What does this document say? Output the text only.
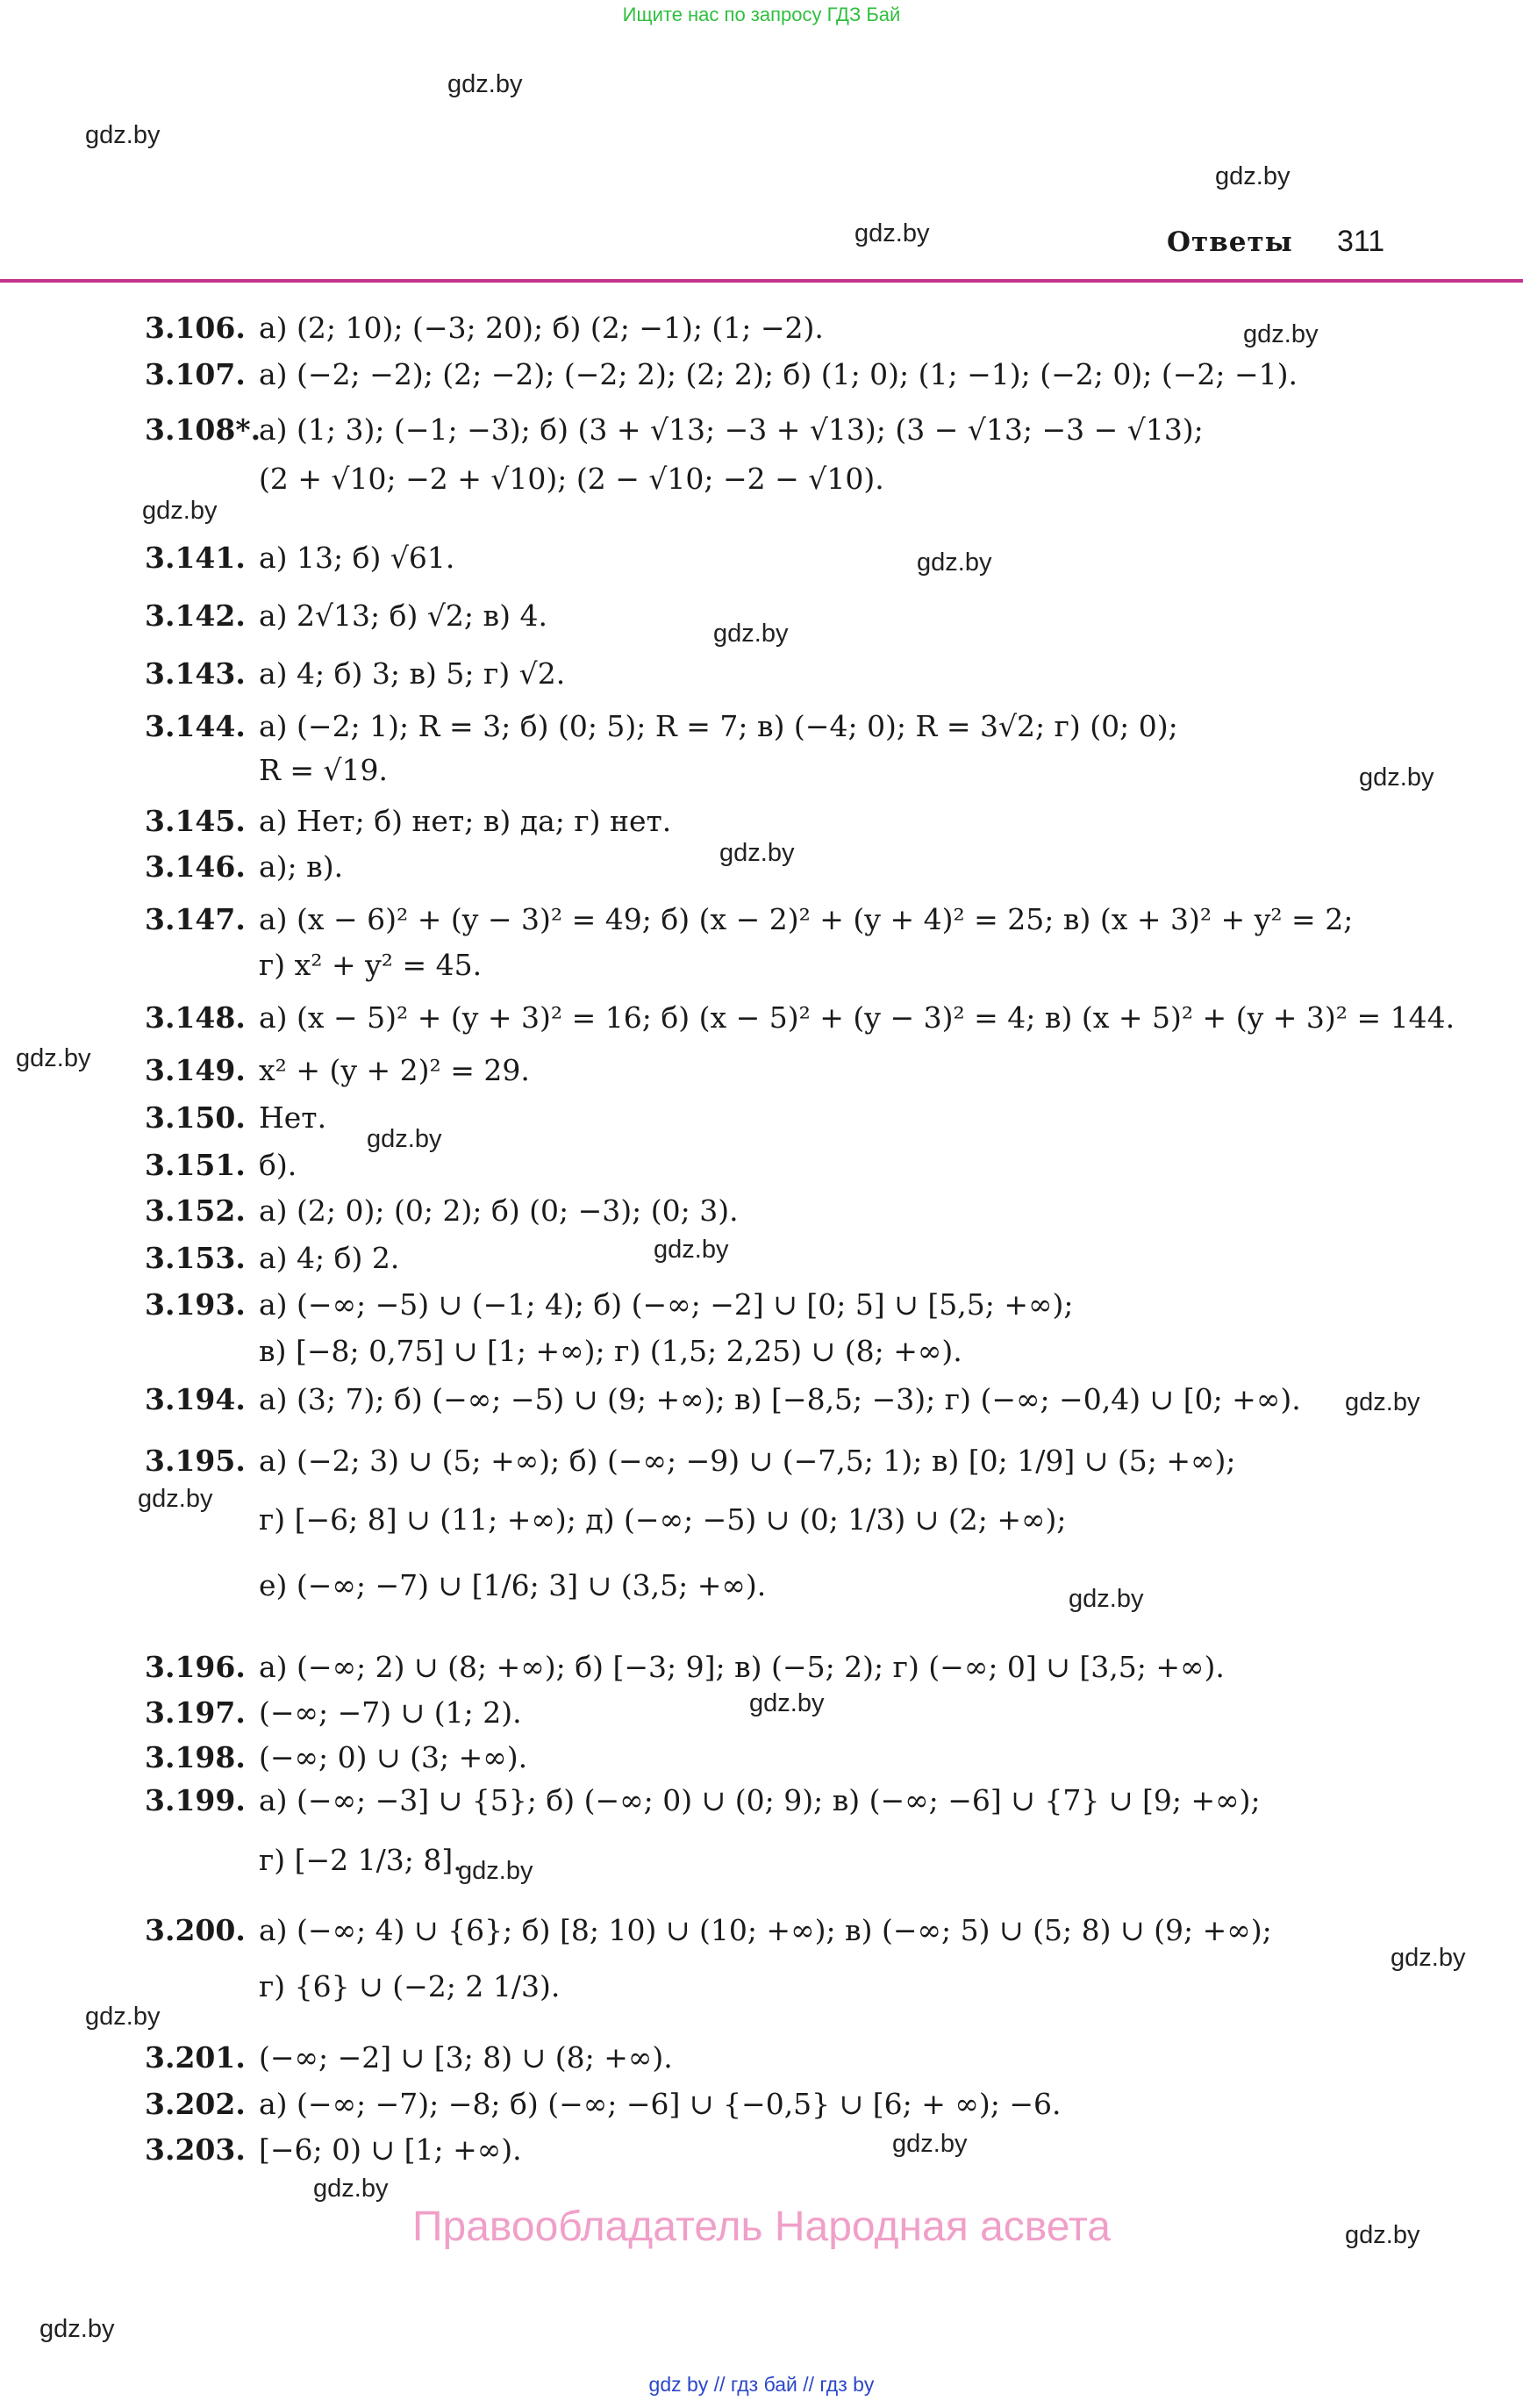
Ищите нас по запросу ГДЗ Бай
gdz.by
gdz.by
gdz.by
gdz.by
gdz.by
gdz.by
gdz.by
gdz.by
gdz.by
gdz.by
gdz.by
gdz.by
gdz.by
gdz.by
gdz.by
gdz.by
gdz.by
gdz.by
gdz.by
gdz.by
gdz.by
gdz.by
gdz.by
gdz.by
Ответы 311
3.106. а) (2; 10); (−3; 20); б) (2; −1); (1; −2).
3.107. а) (−2; −2); (2; −2); (−2; 2); (2; 2); б) (1; 0); (1; −1); (−2; 0); (−2; −1).
3.108*.
а) (1; 3); (−1; −3); б) (3 + √13; −3 + √13); (3 − √13; −3 − √13);
(2 + √10; −2 + √10); (2 − √10; −2 − √10).
3.141. а) 13; б) √61.
3.142. а) 2√13; б) √2; в) 4.
3.143. а) 4; б) 3; в) 5; г) √2.
3.144. а) (−2; 1); R = 3; б) (0; 5); R = 7; в) (−4; 0); R = 3√2; г) (0; 0);
R = √19.
3.145. а) Нет; б) нет; в) да; г) нет.
3.146. а); в).
3.147. а) (x − 6)² + (y − 3)² = 49; б) (x − 2)² + (y + 4)² = 25; в) (x + 3)² + y² = 2;
г) x² + y² = 45.
3.148. а) (x − 5)² + (y + 3)² = 16; б) (x − 5)² + (y − 3)² = 4; в) (x + 5)² + (y + 3)² = 144.
3.149. x² + (y + 2)² = 29.
3.150. Нет.
3.151. б).
3.152. а) (2; 0); (0; 2); б) (0; −3); (0; 3).
3.153. а) 4; б) 2.
3.193. а) (−∞; −5) ∪ (−1; 4); б) (−∞; −2] ∪ [0; 5] ∪ [5,5; +∞);
в) [−8; 0,75] ∪ [1; +∞); г) (1,5; 2,25) ∪ (8; +∞).
3.194. а) (3; 7); б) (−∞; −5) ∪ (9; +∞); в) [−8,5; −3); г) (−∞; −0,4) ∪ [0; +∞).
3.195. а) (−2; 3) ∪ (5; +∞); б) (−∞; −9) ∪ (−7,5; 1); в) [0; 1/9] ∪ (5; +∞);
г) [−6; 8] ∪ (11; +∞); д) (−∞; −5) ∪ (0; 1/3) ∪ (2; +∞);
е) (−∞; −7) ∪ [1/6; 3] ∪ (3,5; +∞).
3.196. а) (−∞; 2) ∪ (8; +∞); б) [−3; 9]; в) (−5; 2); г) (−∞; 0] ∪ [3,5; +∞).
3.197. (−∞; −7) ∪ (1; 2).
3.198. (−∞; 0) ∪ (3; +∞).
3.199. а) (−∞; −3] ∪ {5}; б) (−∞; 0) ∪ (0; 9); в) (−∞; −6] ∪ {7} ∪ [9; +∞);
г) [−2 1/3; 8].
3.200. а) (−∞; 4) ∪ {6}; б) [8; 10) ∪ (10; +∞); в) (−∞; 5) ∪ (5; 8) ∪ (9; +∞);
г) {6} ∪ (−2; 2 1/3).
3.201. (−∞; −2] ∪ [3; 8) ∪ (8; +∞).
3.202. а) (−∞; −7); −8; б) (−∞; −6] ∪ {−0,5} ∪ [6; + ∞); −6.
3.203. [−6; 0) ∪ [1; +∞).
Правообладатель Народная асвета
gdz by // гдз бай // гдз by
